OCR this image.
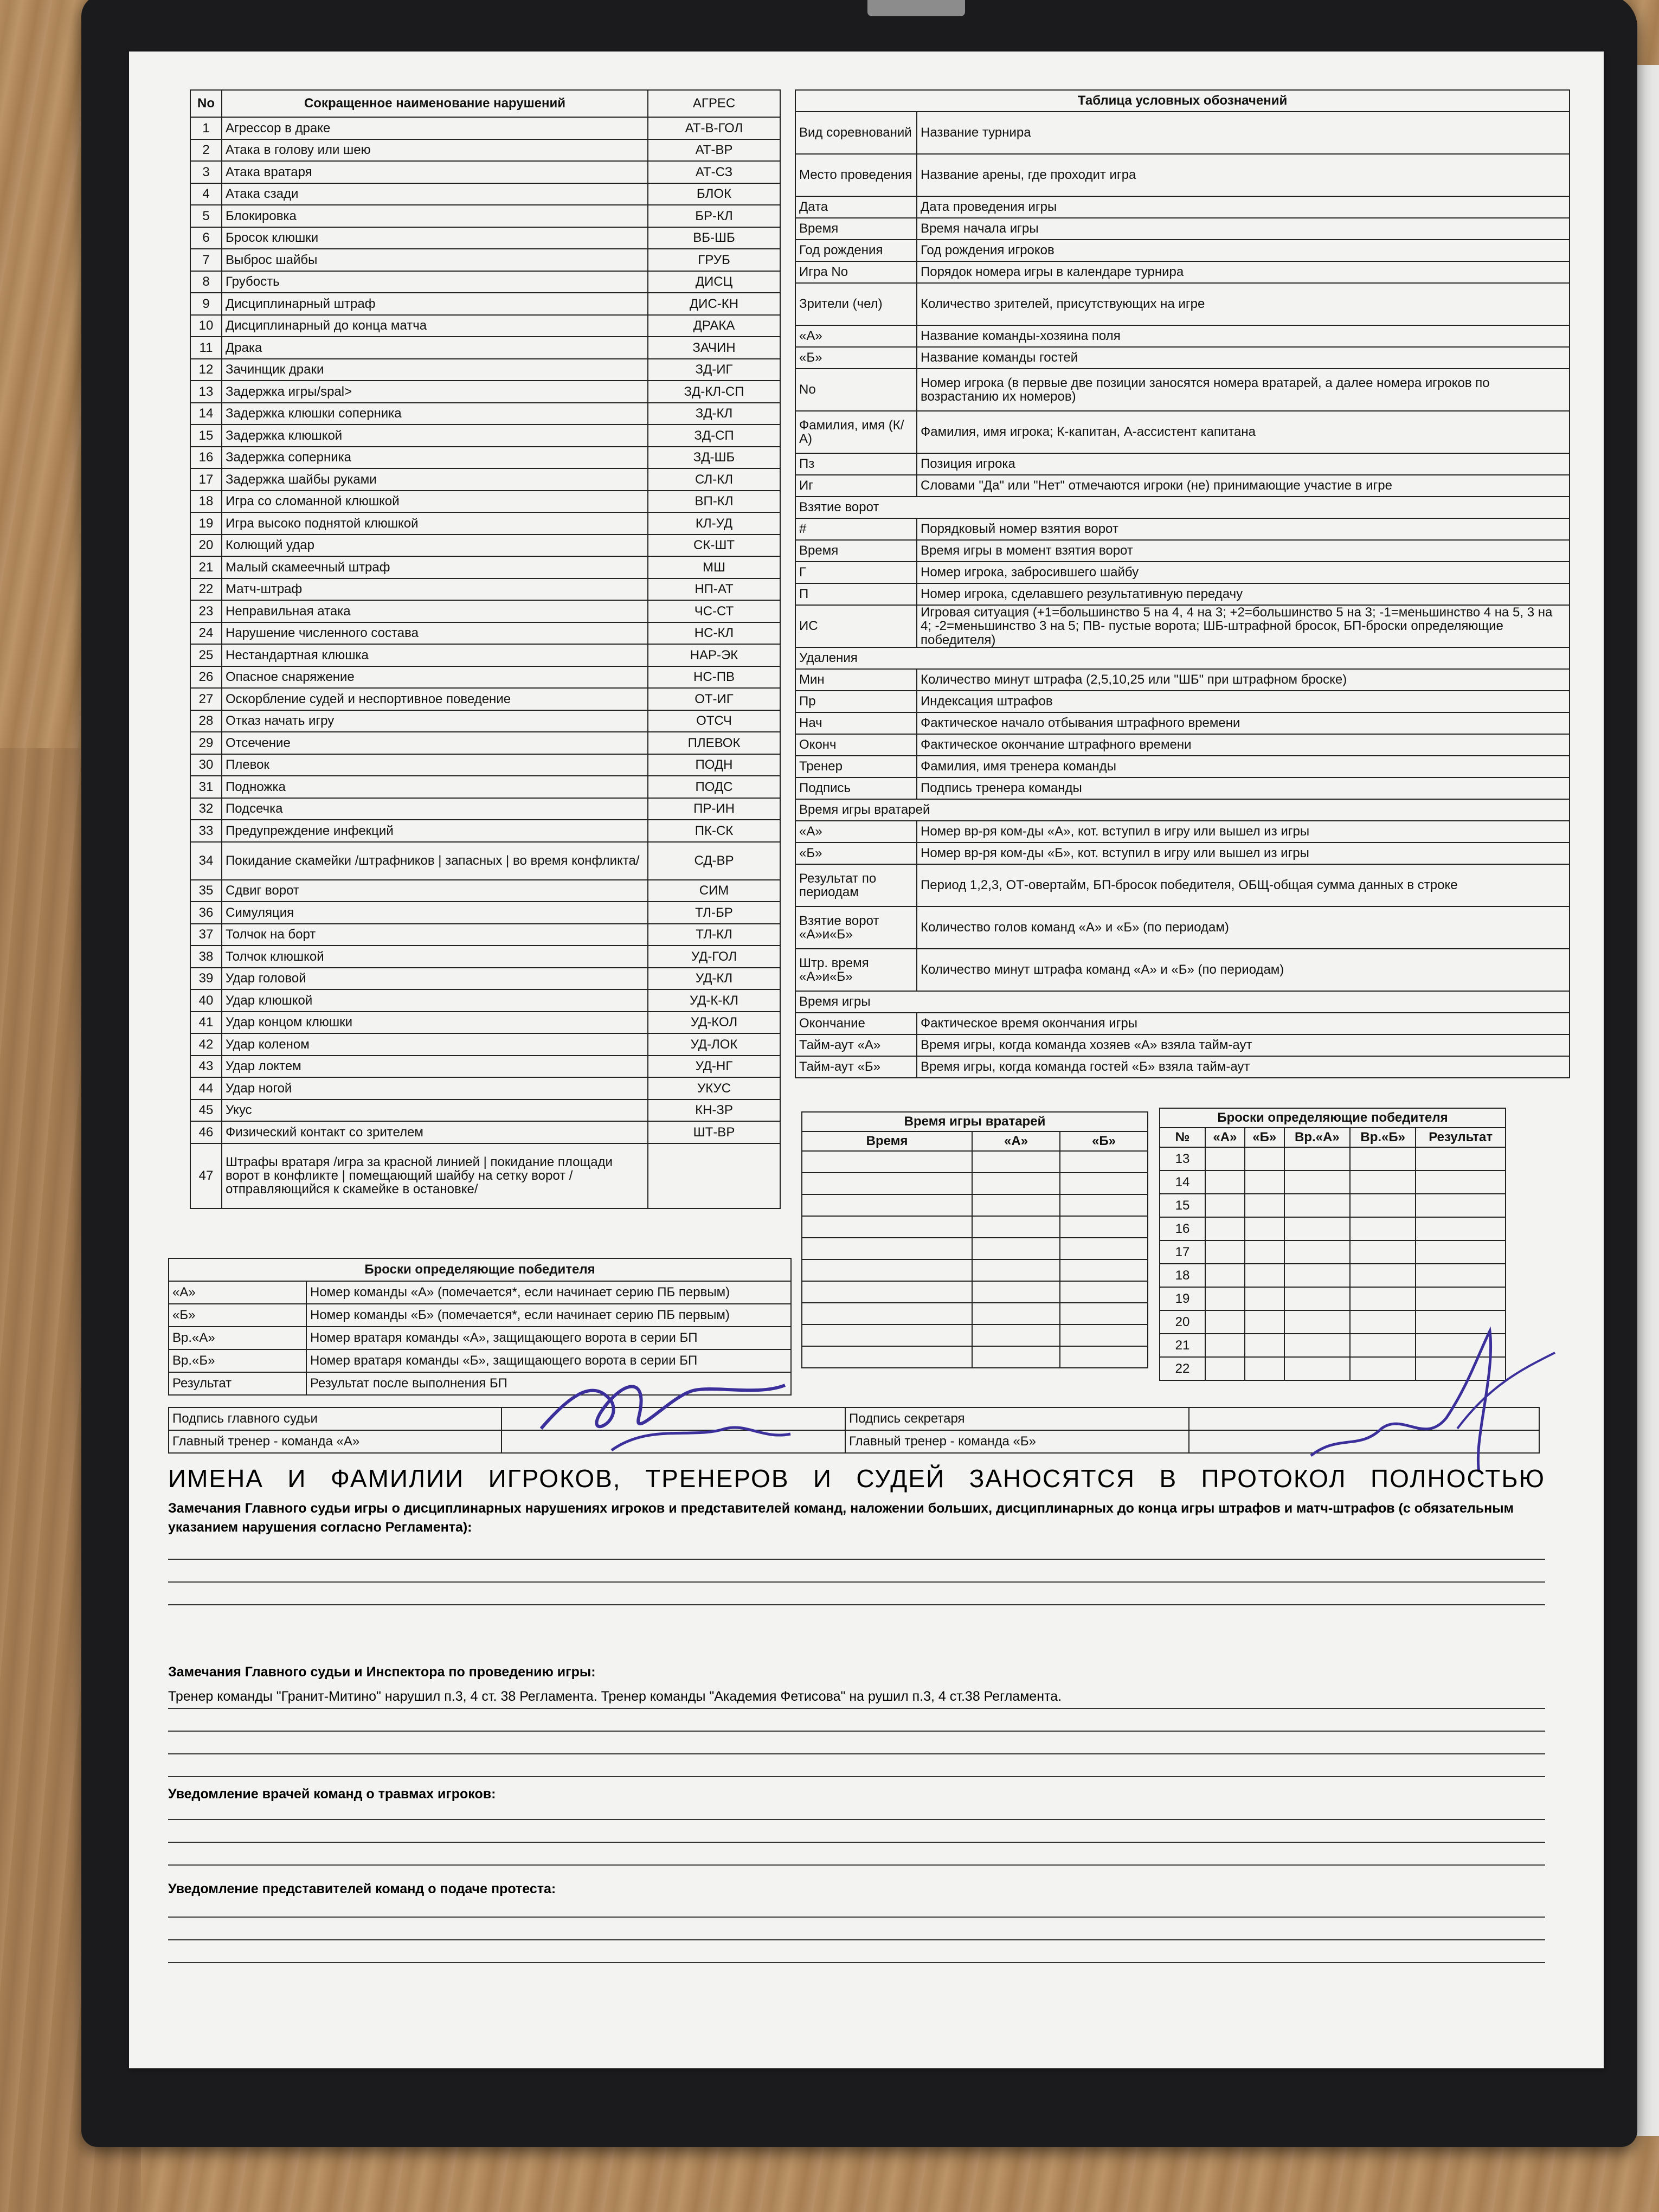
No	Сокращенное наименование нарушений	АГРЕС
1	Агрессор в драке	АТ-В-ГОЛ
2	Атака в голову или шею	АТ-ВР
3	Атака вратаря	АТ-СЗ
4	Атака сзади	БЛОК
5	Блокировка	БР-КЛ
6	Бросок клюшки	ВБ-ШБ
7	Выброс шайбы	ГРУБ
8	Грубость	ДИСЦ
9	Дисциплинарный штраф	ДИС-КН
10	Дисциплинарный до конца матча	ДРАКА
11	Драка	ЗАЧИН
12	Зачинщик драки	ЗД-ИГ
13	Задержка игры/spal>	ЗД-КЛ-СП
14	Задержка клюшки соперника	ЗД-КЛ
15	Задержка клюшкой	ЗД-СП
16	Задержка соперника	ЗД-ШБ
17	Задержка шайбы руками	СЛ-КЛ
18	Игра со сломанной клюшкой	ВП-КЛ
19	Игра высоко поднятой клюшкой	КЛ-УД
20	Колющий удар	СК-ШТ
21	Малый скамеечный штраф	МШ
22	Матч-штраф	НП-АТ
23	Неправильная атака	ЧС-СТ
24	Нарушение численного состава	НС-КЛ
25	Нестандартная клюшка	НАР-ЭК
26	Опасное снаряжение	НС-ПВ
27	Оскорбление судей и неспортивное поведение	ОТ-ИГ
28	Отказ начать игру	ОТСЧ
29	Отсечение	ПЛЕВОК
30	Плевок	ПОДН
31	Подножка	ПОДС
32	Подсечка	ПР-ИН
33	Предупреждение инфекций	ПК-СК
34	Покидание скамейки /штрафников | запасных | во время конфликта/	СД-ВР
35	Сдвиг ворот	СИМ
36	Симуляция	ТЛ-БР
37	Толчок на борт	ТЛ-КЛ
38	Толчок клюшкой	УД-ГОЛ
39	Удар головой	УД-КЛ
40	Удар клюшкой	УД-К-КЛ
41	Удар концом клюшки	УД-КОЛ
42	Удар коленом	УД-ЛОК
43	Удар локтем	УД-НГ
44	Удар ногой	УКУС
45	Укус	КН-ЗР
46	Физический контакт со зрителем	ШТ-ВР
47	Штрафы вратаря /игра за красной линией | покидание площади ворот в конфликте | помещающий шайбу на сетку ворот /отправляющийся к скамейке в остановке/	
Таблица условных обозначений	
Вид соревнований	Название турнира
Место проведения	Название арены, где проходит игра
Дата	Дата проведения игры
Время	Время начала игры
Год рождения	Год рождения игроков
Игра No	Порядок номера игры в календаре турнира
Зрители (чел)	Количество зрителей, присутствующих на игре
«А»	Название команды-хозяина поля
«Б»	Название команды гостей
No	Номер игрока (в первые две позиции заносятся номера вратарей, а далее номера игроков по возрастанию их номеров)
Фамилия, имя (К/А)	Фамилия, имя игрока; К-капитан, А-ассистент капитана
Пз	Позиция игрока
Иг	Словами "Да" или "Нет" отмечаются игроки (не) принимающие участие в игре
Взятие ворот	
#	Порядковый номер взятия ворот
Время	Время игры в момент взятия ворот
Г	Номер игрока, забросившего шайбу
П	Номер игрока, сделавшего результативную передачу
ИС	Игровая ситуация (+1=большинство 5 на 4, 4 на 3; +2=большинство 5 на 3; -1=меньшинство 4 на 5, 3 на 4; -2=меньшинство 3 на 5; ПВ- пустые ворота; ШБ-штрафной бросок, БП-броски определяющие победителя)
Удаления	
Мин	Количество минут штрафа (2,5,10,25 или "ШБ" при штрафном броске)
Пр	Индексация штрафов
Нач	Фактическое начало отбывания штрафного времени
Оконч	Фактическое окончание штрафного времени
Тренер	Фамилия, имя тренера команды
Подпись	Подпись тренера команды
Время игры вратарей	
«А»	Номер вр-ря ком-ды «А», кот. вступил в игру или вышел из игры
«Б»	Номер вр-ря ком-ды «Б», кот. вступил в игру или вышел из игры
Результат по периодам	Период 1,2,3, ОТ-овертайм, БП-бросок победителя, ОБЩ-общая сумма данных в строке
Взятие ворот «А»и«Б»	Количество голов команд «А» и «Б» (по периодам)
Штр. время «А»и«Б»	Количество минут штрафа команд «А» и «Б» (по периодам)
Время игры	
Окончание	Фактическое время окончания игры
Тайм-аут «А»	Время игры, когда команда хозяев «А» взяла тайм-аут
Тайм-аут «Б»	Время игры, когда команда гостей «Б» взяла тайм-аут
Время игры вратарей		
Время	«А»	«Б»

Броски определяющие победителя					
№	«А»	«Б»	Вр.«А»	Вр.«Б»	Результат
13					
14					
15					
16					
17					
18					
19					
20					
21					
22					
Броски определяющие победителя	
«А»	Номер команды «А» (помечается*, если начинает серию ПБ первым)
«Б»	Номер команды «Б» (помечается*, если начинает серию ПБ первым)
Вр.«А»	Номер вратаря команды «А», защищающего ворота в серии БП
Вр.«Б»	Номер вратаря команды «Б», защищающего ворота в серии БП
Результат	Результат после выполнения БП
Подпись главного судьи		Подпись секретаря	
Главный тренер - команда «А»		Главный тренер - команда «Б»	
ИМЕНА И ФАМИЛИИ ИГРОКОВ, ТРЕНЕРОВ И СУДЕЙ ЗАНОСЯТСЯ В ПРОТОКОЛ ПОЛНОСТЬЮ
Замечания Главного судьи игры о дисциплинарных нарушениях игроков и представителей команд, наложении больших, дисциплинарных до конца игры штрафов и матч-штрафов (с обязательным указанием нарушения согласно Регламента):
Замечания Главного судьи и Инспектора по проведению игры:
Тренер команды "Гранит-Митино" нарушил п.3, 4 ст. 38 Регламента. Тренер команды "Академия Фетисова" на рушил п.3, 4 ст.38 Регламента.
Уведомление врачей команд о травмах игроков:
Уведомление представителей команд о подаче протеста:
